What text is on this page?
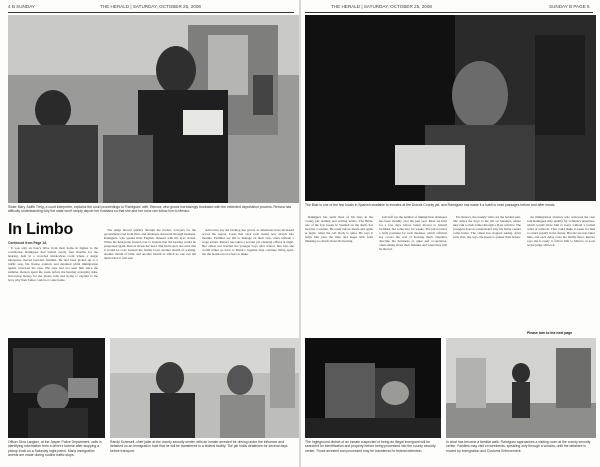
4 B SUNDAY	THE HERALD | SATURDAY, OCTOBER 25, 2008
Sister Mary Judith Treig, a court interpreter, explains the court proceedings to 'Ramiguez' wife, Renora, who grows increasingly frustrated with the extended deportation process. Renora has difficulty understanding why the state won't simply deport her husband so that she and her sons can follow him to Mexico.
In Limbo
Continued from Page 1A

It was only an hour's drive from their home in Ogden to the courthouse. Ramiguez had waited nearly four months for the hearing, held in a crowded windowless room where a single interpreter moved between families. He had been picked up at a traffic stop, his license expired, and detained while immigration agents reviewed his case. His sons had not seen him since the summer. Renora spent the week before the hearing arranging rides, borrowing money for the phone calls and trying to explain to the boys why their father could not come home.

The judge moved quickly through the docket. Lawyers for the government read from files, and detainees answered through headsets. Ramiguez, who speaks little English, listened with his eyes closed. When the interpreter leaned over to explain that the hearing would be postponed again, Renora shook her head. She had hoped, she said, that it would be over. Instead the family faces another month of waiting, another month of bills, and another month in which no one can tell them when it will end.

Advocates say the backlog has grown as detentions have increased across the region. Cases that once took weeks now stretch into months. Families are left to manage on their own, often without a wage earner. Renora has taken a second job cleaning offices at night. Her oldest son watches the younger boys after school. She says she would rather go back to Mexico together than continue living apart, but the decision is not hers to make.

Officer Dina Langton, at the Jasper Police Department, calls in identifying information from a driver's license after stopping a pickup truck on a Saturday night patrol. Many immigration arrests are made during routine traffic stops.
Randy Schewell, chief jailer at the county security center, tells an inmate arrested for driving under the influence and detained on an immigration hold that he will be transferred to a federal facility. The jail holds detainees for several days before transport.
THE HERALD | SATURDAY, OCTOBER 25, 2008	SUNDAY B PAGE 5
The Blair is one of the few locals in Spanish available to inmates at the Dubois County jail, and Ramiguez has made it a habit to read passages before and after meals.

Ramiguez has spent most of his days in the county jail reading and writing letters. The Bible, one of the few books in Spanish on the shelf, has become a routine. He reads before meals and again at night, when the cell block is quiet. He says it helps him pass the time and keeps him from thinking too much about the hearing.

Jail staff say the number of immigration detainees has risen steadily over the past year. Most are held for a few days before being moved to federal facilities, but some stay for weeks. The jail receives a daily payment for each detainee, which officials say covers the cost of housing them. Deputies describe the detainees as quiet and cooperative, often asking about their families and when they will be moved.

For Renora, the weekly visits are the hardest part. She drives the boys to the jail on Sundays, where they talk to their father through a glass window. The youngest does not understand why his father cannot come home. The oldest has stopped asking. After each visit, she says, the house is quieter than before.

An immigration attorney who reviewed the case said Ramiguez may qualify for voluntary departure, which would allow him to leave without a formal order of removal. That could make it easier for him to return legally in the future. But the process takes time, and each delay costs the family more. Renora says she is ready to follow him to Mexico as soon as the judge allows it.

Please turn to the next page
The Ingleground district of an inmate suspected of being an illegal immigrant will be searched for identification and property before being processed into the county security center. Those arrested and processed may be transferred to federal detention.
In what has become a familiar walk, Ramiguez approaches a visiting room at the county security center. Families may visit on weekends, speaking only through a window, until the detainee is moved by Immigration and Customs Enforcement.
